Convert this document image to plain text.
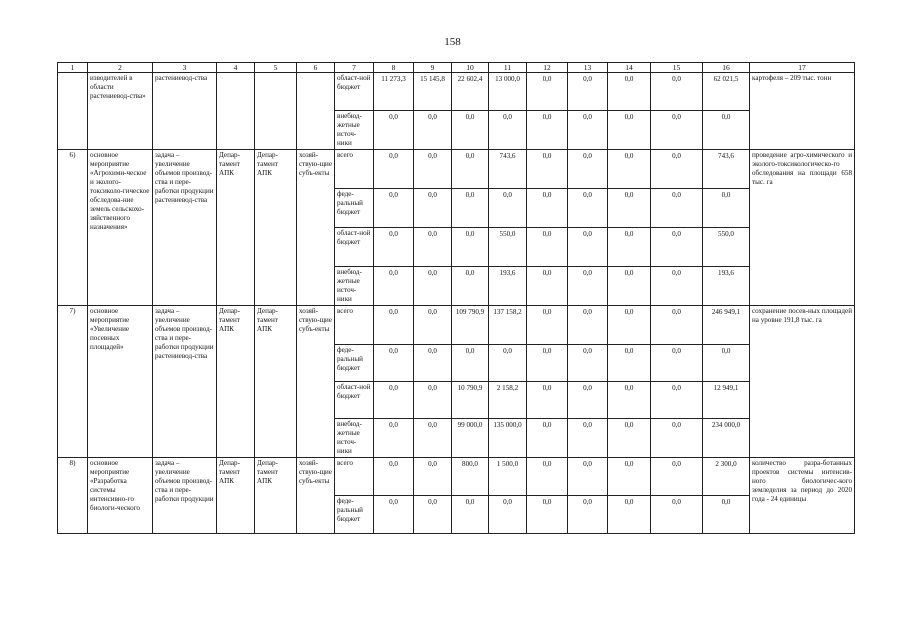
158
1	2	3	4	5	6	7	8	9	10	11	12	13	14	15	16	17
	изводителей в области растениевод-ства»	растениевод-ства				област-ной бюджет	11 273,3	15 145,8	22 602,4	13 000,0	0,0	0,0	0,0	0,0	62 021,5	картофеля – 209 тыс. тонн
						внебюд-жетные источ-ники	0,0	0,0	0,0	0,0	0,0	0,0	0,0	0,0	0,0	
6)	основное мероприятие «Агрохими-ческое и эколого-токсиколо-гическое обследова-ние земель сельскохо-зяйственного назначения»	задача – увеличение объемов производ-ства и пере-работки продукции растениевод-ства	Депар-тамент АПК	Депар-тамент АПК	хозяй-ствую-щие субъ-екты	всего	0,0	0,0	0,0	743,6	0,0	0,0	0,0	0,0	743,6	проведение агро-химического и эколого-токсикологическо-го обследования на площади 658 тыс. га
						феде-ральный бюджет	0,0	0,0	0,0	0,0	0,0	0,0	0,0	0,0	0,0	
						област-ной бюджет	0,0	0,0	0,0	550,0	0,0	0,0	0,0	0,0	550,0	
						внебюд-жетные источ-ники	0,0	0,0	0,0	193,6	0,0	0,0	0,0	0,0	193,6	
7)	основное мероприятие «Увеличение посевных площадей»	задача – увеличение объемов производ-ства и пере-работки продукции растениевод-ства	Депар-тамент АПК	Депар-тамент АПК	хозяй-ствую-щие субъ-екты	всего	0,0	0,0	109 790,9	137 158,2	0,0	0,0	0,0	0,0	246 949,1	сохранение посев-ных площадей на уровне 191,8 тыс. га
						феде-ральный бюджет	0,0	0,0	0,0	0,0	0,0	0,0	0,0	0,0	0,0	
						област-ной бюджет	0,0	0,0	10 790,9	2 158,2	0,0	0,0	0,0	0,0	12 949,1	
						внебюд-жетные источ-ники	0,0	0,0	99 000,0	135 000,0	0,0	0,0	0,0	0,0	234 000,0	
8)	основное мероприятие «Разработка системы интенсивно-го биологи-ческого	задача – увеличение объемов производ-ства и пере-работки продукции	Депар-тамент АПК	Депар-тамент АПК	хозяй-ствую-щие субъ-екты	всего	0,0	0,0	800,0	1 500,0	0,0	0,0	0,0	0,0	2 300,0	количество разра-ботанных проектов системы интенсив-ного биологичес-кого земледелия за период до 2020 года - 24 единицы
						феде-ральный бюджет	0,0	0,0	0,0	0,0	0,0	0,0	0,0	0,0	0,0	
